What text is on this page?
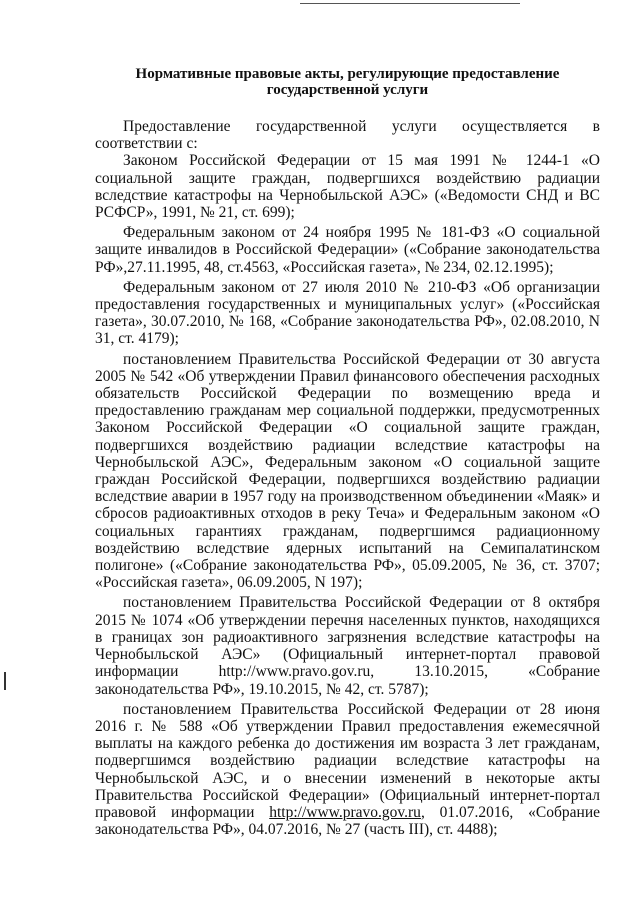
Нормативные правовые акты, регулирующие предоставление государственной услуги

Предоставление государственной услуги осуществляется в соответствии с:

Законом Российской Федерации от 15 мая 1991 № 1244-1 «О социальной защите граждан, подвергшихся воздействию радиации вследствие катастрофы на Чернобыльской АЭС» («Ведомости СНД и ВС РСФСР», 1991, № 21, ст. 699);

Федеральным законом от 24 ноября 1995 № 181-ФЗ «О социальной защите инвалидов в Российской Федерации» («Собрание законодательства РФ»,27.11.1995, 48, ст.4563, «Российская газета», № 234, 02.12.1995);

Федеральным законом от 27 июля 2010 № 210-ФЗ «Об организации предоставления государственных и муниципальных услуг» («Российская газета», 30.07.2010, № 168, «Собрание законодательства РФ», 02.08.2010, N 31, ст. 4179);

постановлением Правительства Российской Федерации от 30 августа 2005 № 542 «Об утверждении Правил финансового обеспечения расходных обязательств Российской Федерации по возмещению вреда и предоставлению гражданам мер социальной поддержки, предусмотренных Законом Российской Федерации «О социальной защите граждан, подвергшихся воздействию радиации вследствие катастрофы на Чернобыльской АЭС», Федеральным законом «О социальной защите граждан Российской Федерации, подвергшихся воздействию радиации вследствие аварии в 1957 году на производственном объединении «Маяк» и сбросов радиоактивных отходов в реку Теча» и Федеральным законом «О социальных гарантиях гражданам, подвергшимся радиационному воздействию вследствие ядерных испытаний на Семипалатинском полигоне» («Собрание законодательства РФ», 05.09.2005, № 36, ст. 3707; «Российская газета», 06.09.2005, N 197);

постановлением Правительства Российской Федерации от 8 октября 2015 № 1074 «Об утверждении перечня населенных пунктов, находящихся в границах зон радиоактивного загрязнения вследствие катастрофы на Чернобыльской АЭС» (Официальный интернет-портал правовой информации http://www.pravo.gov.ru, 13.10.2015, «Собрание законодательства РФ», 19.10.2015, № 42, ст. 5787);

постановлением Правительства Российской Федерации от 28 июня 2016 г. № 588 «Об утверждении Правил предоставления ежемесячной выплаты на каждого ребенка до достижения им возраста 3 лет гражданам, подвергшимся воздействию радиации вследствие катастрофы на Чернобыльской АЭС, и о внесении изменений в некоторые акты Правительства Российской Федерации» (Официальный интернет-портал правовой информации http://www.pravo.gov.ru, 01.07.2016, «Собрание законодательства РФ», 04.07.2016, № 27 (часть III), ст. 4488);
